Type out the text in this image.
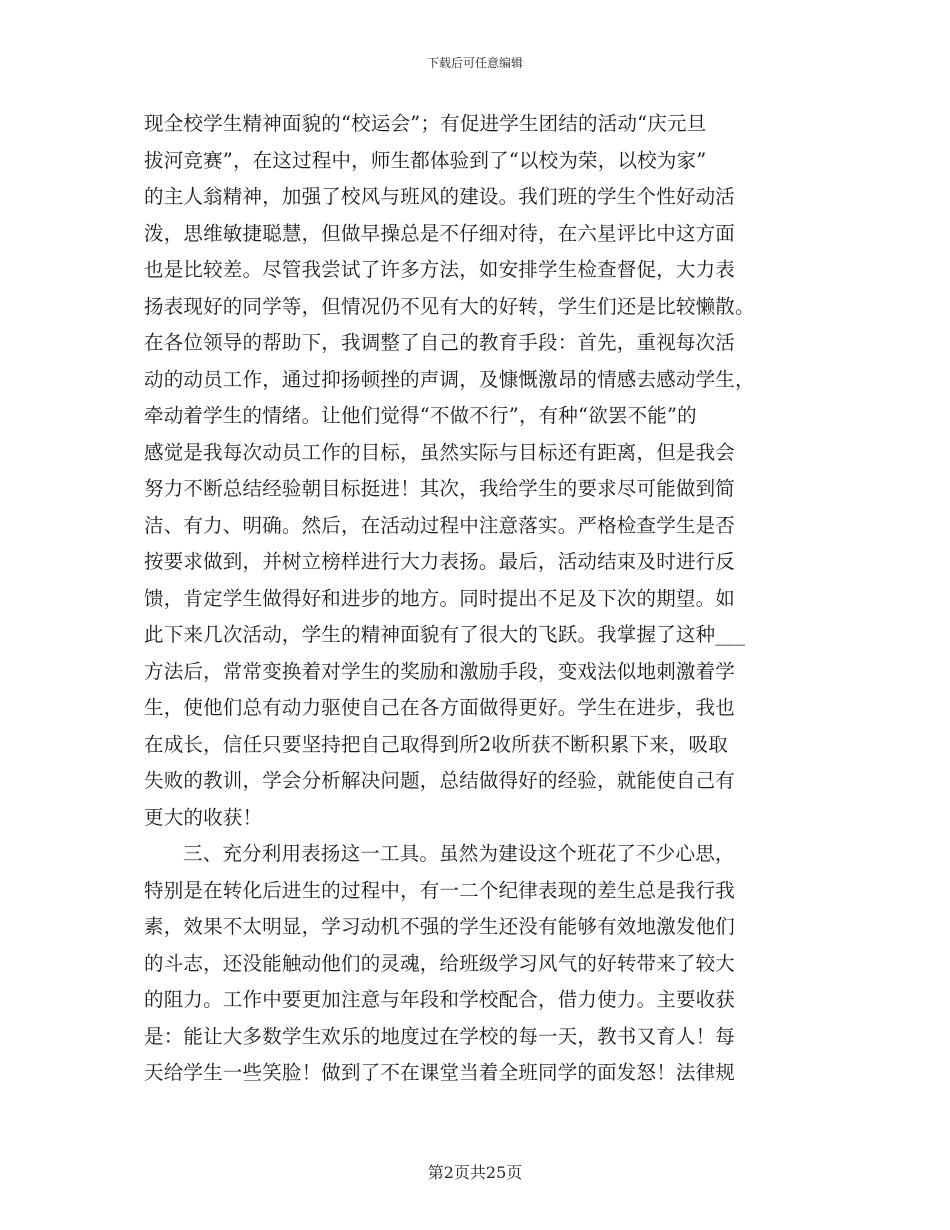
下载后可任意编辑
现全校学生精神面貌的“校运会”；有促进学生团结的活动“庆元旦
拔河竞赛”，在这过程中，师生都体验到了“以校为荣，以校为家”
的主人翁精神，加强了校风与班风的建设。我们班的学生个性好动活
泼，思维敏捷聪慧，但做早操总是不仔细对待，在六星评比中这方面
也是比较差。尽管我尝试了许多方法，如安排学生检查督促，大力表
扬表现好的同学等，但情况仍不见有大的好转，学生们还是比较懒散。
在各位领导的帮助下，我调整了自己的教育手段：首先，重视每次活
动的动员工作，通过抑扬顿挫的声调，及慷慨激昂的情感去感动学生，
牵动着学生的情绪。让他们觉得“不做不行”，有种“欲罢不能”的
感觉是我每次动员工作的目标，虽然实际与目标还有距离，但是我会
努力不断总结经验朝目标挺进！其次，我给学生的要求尽可能做到简
洁、有力、明确。然后，在活动过程中注意落实。严格检查学生是否
按要求做到，并树立榜样进行大力表扬。最后，活动结束及时进行反
馈，肯定学生做得好和进步的地方。同时提出不足及下次的期望。如
此下来几次活动，学生的精神面貌有了很大的飞跃。我掌握了这种___
方法后，常常变换着对学生的奖励和激励手段，变戏法似地刺激着学
生，使他们总有动力驱使自己在各方面做得更好。学生在进步，我也
在成长，信任只要坚持把自己取得到所2收所获不断积累下来，吸取
失败的教训，学会分析解决问题，总结做得好的经验，就能使自己有
更大的收获！
三、充分利用表扬这一工具。虽然为建设这个班花了不少心思，
特别是在转化后进生的过程中，有一二个纪律表现的差生总是我行我
素，效果不太明显，学习动机不强的学生还没有能够有效地激发他们
的斗志，还没能触动他们的灵魂，给班级学习风气的好转带来了较大
的阻力。工作中要更加注意与年段和学校配合，借力使力。主要收获
是：能让大多数学生欢乐的地度过在学校的每一天，教书又育人！每
天给学生一些笑脸！做到了不在课堂当着全班同学的面发怒！法律规
第2页共25页
